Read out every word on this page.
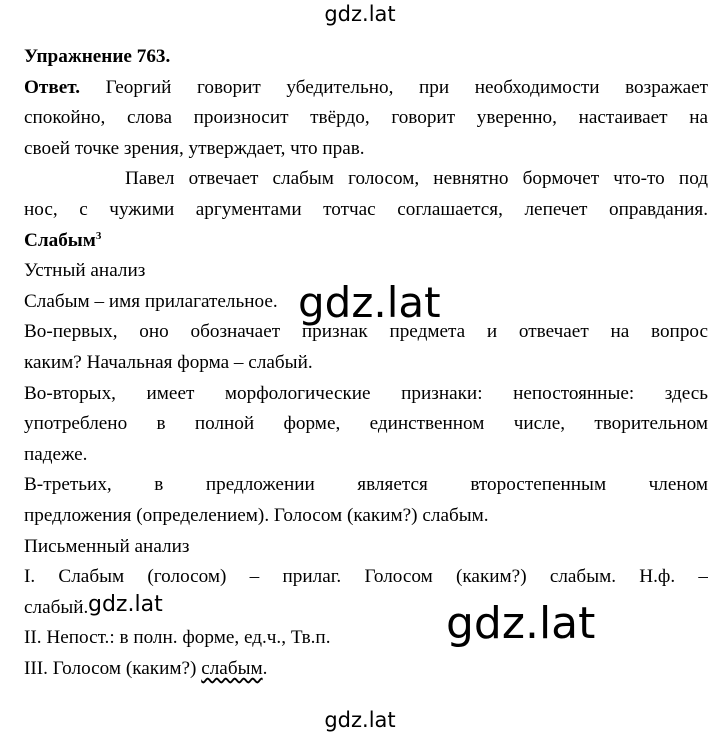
gdz.lat
Упражнение 763.
Ответ. Георгий говорит убедительно, при необходимости возражает
спокойно, слова произносит твёрдо, говорит уверенно, настаивает на
своей точке зрения, утверждает, что прав.
Павел отвечает слабым голосом, невнятно бормочет что-то под
нос, с чужими аргументами тотчас соглашается, лепечет оправдания.
Слабым$^3$
Устный анализ
Слабым – имя прилагательное.
Во-первых, оно обозначает признак предмета и отвечает на вопрос
каким? Начальная форма – слабый.
Во-вторых, имеет морфологические признаки: непостоянные: здесь
употреблено в полной форме, единственном числе, творительном
падеже.
В-третьих, в предложении является второстепенным членом
предложения (определением). Голосом (каким?) слабым.
Письменный анализ
I. Слабым (голосом) – прилаг. Голосом (каким?) слабым. Н.ф. –
слабый.
II. Непост.: в полн. форме, ед.ч., Тв.п.
III. Голосом (каким?) слабым.
gdz.lat
gdz.lat	gdz.lat
gdz.lat
